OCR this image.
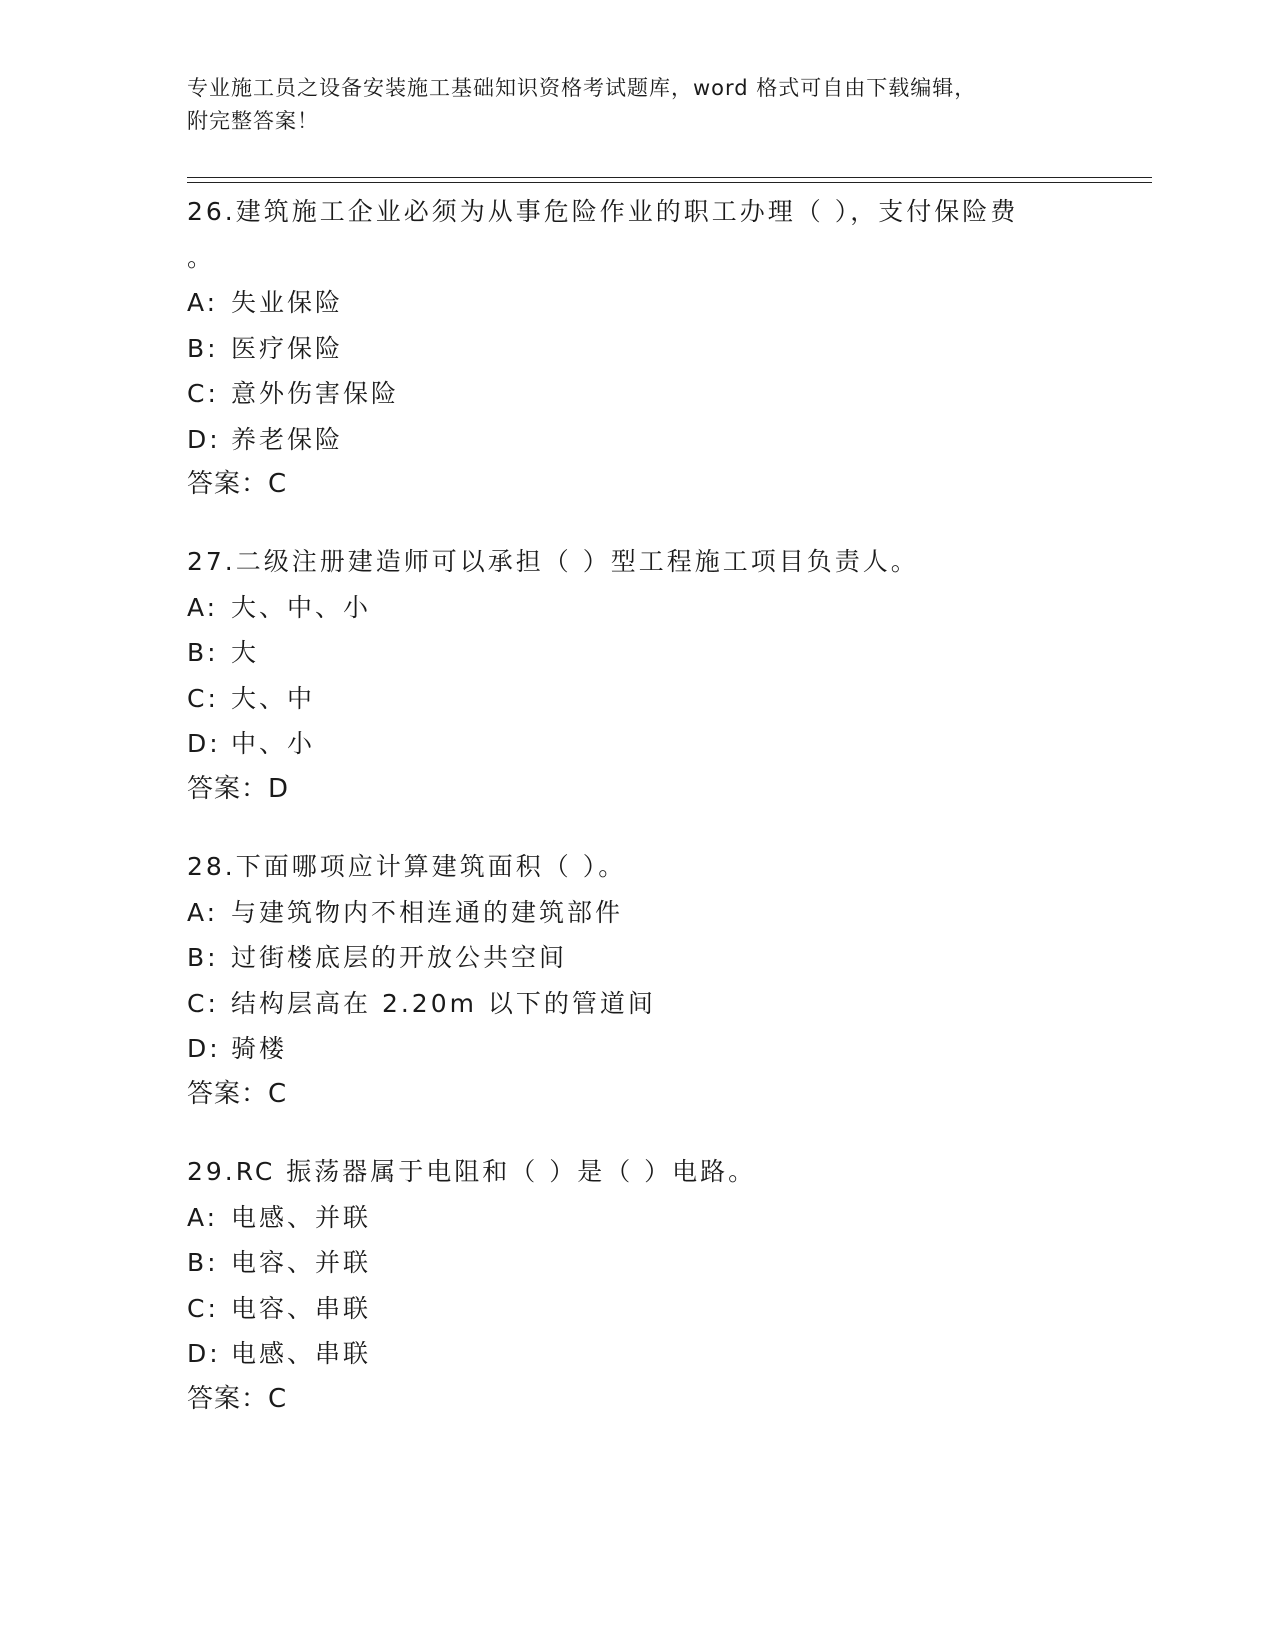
专业施工员之设备安装施工基础知识资格考试题库，word 格式可自由下载编辑，
附完整答案！

26.建筑施工企业必须为从事危险作业的职工办理（ ），支付保险费

。

A: 失业保险

B: 医疗保险

C: 意外伤害保险

D: 养老保险

答案：C

27.二级注册建造师可以承担（ ）型工程施工项目负责人。

A: 大、中、小

B: 大

C: 大、中

D: 中、小

答案：D

28.下面哪项应计算建筑面积（ ）。

A: 与建筑物内不相连通的建筑部件

B: 过街楼底层的开放公共空间

C: 结构层高在 2.20m 以下的管道间

D: 骑楼

答案：C

29.RC 振荡器属于电阻和（ ）是（ ）电路。

A: 电感、并联

B: 电容、并联

C: 电容、串联

D: 电感、串联

答案：C
